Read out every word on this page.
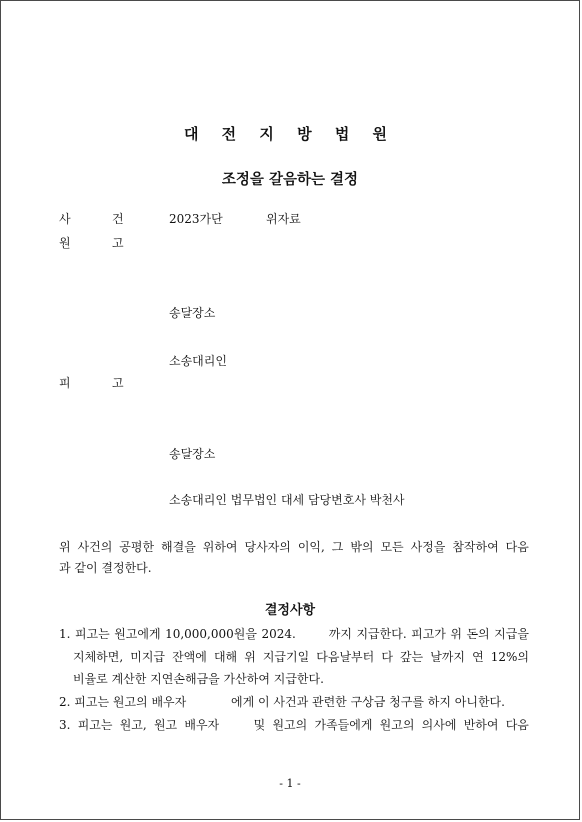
대 전 지 방 법 원
조정을 갈음하는 결정
사	건	2023가단	위자료
원	고
송달장소
소송대리인
피	고
송달장소
소송대리인 법무법인 대세 담당변호사 박천사
위 사건의 공평한 해결을 위하여 당사자의 이익, 그 밖의 모든 사정을 참작하여 다음
과 같이 결정한다.
결정사항
1. 피고는 원고에게 10,000,000원을 2024.	까지 지급한다. 피고가 위 돈의 지급을
지체하면, 미지급 잔액에 대해 위 지급기일 다음날부터 다 갚는 날까지 연 12%의
비율로 계산한 지연손해금을 가산하여 지급한다.
2. 피고는 원고의 배우자	에게 이 사건과 관련한 구상금 청구를 하지 아니한다.
3. 피고는 원고, 원고 배우자	및 원고의 가족들에게 원고의 의사에 반하여 다음
- 1 -
